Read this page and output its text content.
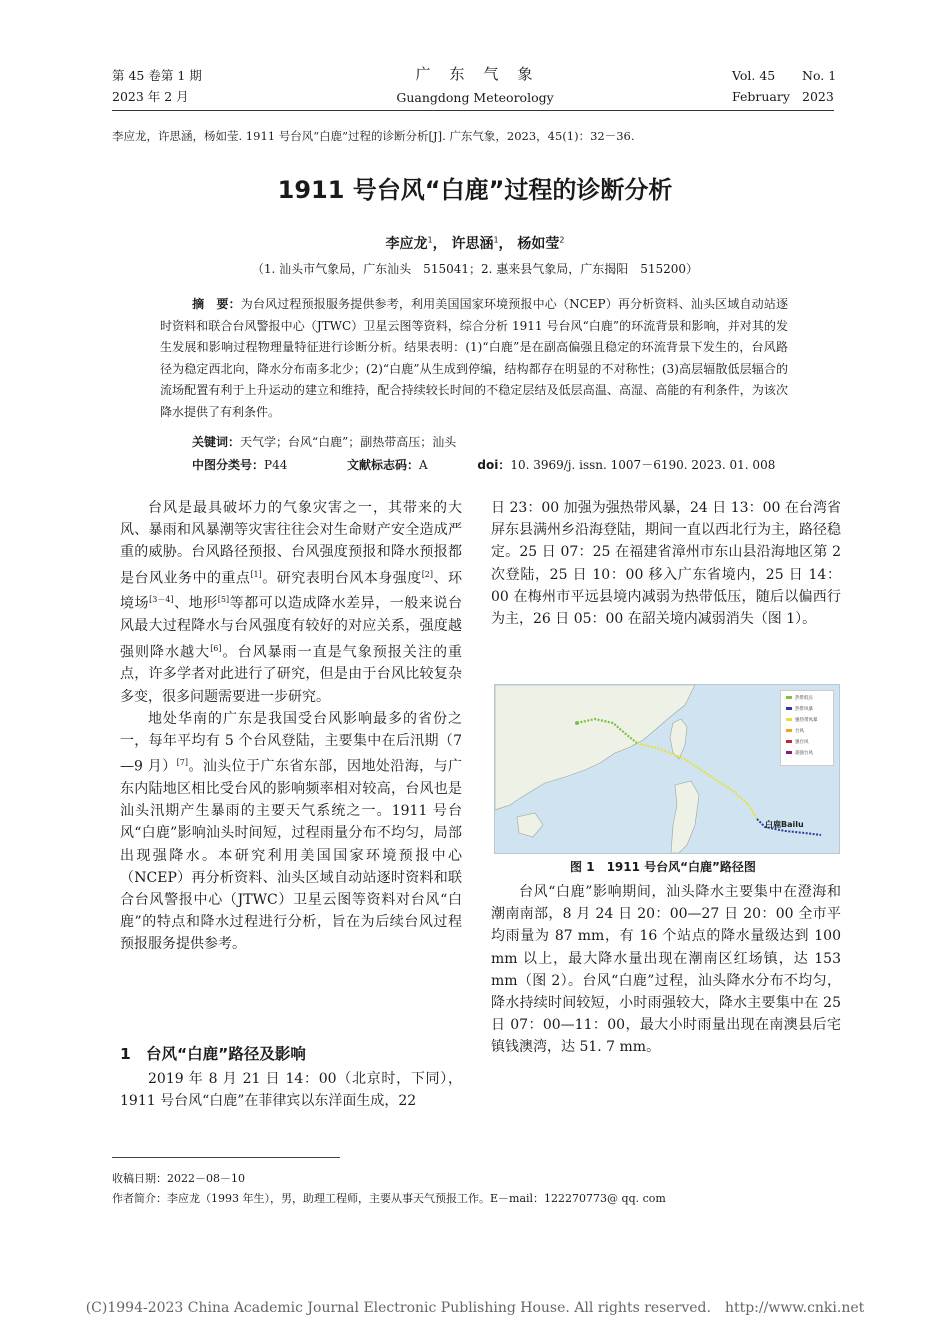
第 45 卷第 1 期
2023 年 2 月
广　东　气　象
Guangdong Meteorology
Vol. 45 No. 1
February 2023
李应龙，许思涵，杨如莹. 1911 号台风“白鹿”过程的诊断分析[J]. 广东气象，2023，45(1)：32－36.
1911 号台风“白鹿”过程的诊断分析
李应龙$^1$， 许思涵$^1$， 杨如莹$^2$
（1. 汕头市气象局，广东汕头　515041；2. 惠来县气象局，广东揭阳　515200）
摘　要：为台风过程预报服务提供参考，利用美国国家环境预报中心（NCEP）再分析资料、汕头区域自动站逐时资料和联合台风警报中心（JTWC）卫星云图等资料，综合分析 1911 号台风“白鹿”的环流背景和影响，并对其的发生发展和影响过程物理量特征进行诊断分析。结果表明：(1)“白鹿”是在副高偏强且稳定的环流背景下发生的，台风路径为稳定西北向，降水分布南多北少；(2)“白鹿”从生成到停编，结构都存在明显的不对称性；(3)高层辐散低层辐合的流场配置有利于上升运动的建立和维持，配合持续较长时间的不稳定层结及低层高温、高湿、高能的有利条件，为该次降水提供了有利条件。
关键词：天气学；台风“白鹿”；副热带高压；汕头
中图分类号：P44	文献标志码：A	doi：10. 3969/j. issn. 1007－6190. 2023. 01. 008

台风是最具破坏力的气象灾害之一，其带来的大风、暴雨和风暴潮等灾害往往会对生命财产安全造成严重的威胁。台风路径预报、台风强度预报和降水预报都是台风业务中的重点[1]。研究表明台风本身强度[2]、环境场[3－4]、地形[5]等都可以造成降水差异，一般来说台风最大过程降水与台风强度有较好的对应关系，强度越强则降水越大[6]。台风暴雨一直是气象预报关注的重点，许多学者对此进行了研究，但是由于台风比较复杂多变，很多问题需要进一步研究。

地处华南的广东是我国受台风影响最多的省份之一，每年平均有 5 个台风登陆，主要集中在后汛期（7—9 月）[7]。汕头位于广东省东部，因地处沿海，与广东内陆地区相比受台风的影响频率相对较高，台风也是汕头汛期产生暴雨的主要天气系统之一。1911 号台风“白鹿”影响汕头时间短，过程雨量分布不均匀，局部出现强降水。本研究利用美国国家环境预报中心（NCEP）再分析资料、汕头区域自动站逐时资料和联合台风警报中心（JTWC）卫星云图等资料对台风“白鹿”的特点和降水过程进行分析，旨在为后续台风过程预报服务提供参考。

1 台风“白鹿”路径及影响

2019 年 8 月 21 日 14：00（北京时，下同），1911 号台风“白鹿”在菲律宾以东洋面生成，22

日 23：00 加强为强热带风暴，24 日 13：00 在台湾省屏东县满州乡沿海登陆，期间一直以西北行为主，路径稳定。25 日 07：25 在福建省漳州市东山县沿海地区第 2 次登陆，25 日 10：00 移入广东省境内，25 日 14：00 在梅州市平远县境内减弱为热带低压，随后以偏西行为主，26 日 05：00 在韶关境内减弱消失（图 1）。

白鹿Bailu
热带低压
热带风暴
强热带风暴
台风
强台风
超强台风
图 1　1911 号台风“白鹿”路径图

台风“白鹿”影响期间，汕头降水主要集中在澄海和潮南南部，8 月 24 日 20：00—27 日 20：00 全市平均雨量为 87 mm，有 16 个站点的降水量级达到 100 mm 以上，最大降水量出现在潮南区红场镇，达 153 mm（图 2）。台风“白鹿”过程，汕头降水分布不均匀，降水持续时间较短，小时雨强较大，降水主要集中在 25 日 07：00—11：00，最大小时雨量出现在南澳县后宅镇钱澳湾，达 51. 7 mm。

收稿日期：2022－08－10
作者简介：李应龙（1993 年生），男，助理工程师，主要从事天气预报工作。E－mail：122270773@ qq. com
(C)1994-2023 China Academic Journal Electronic Publishing House. All rights reserved.　http://www.cnki.net
